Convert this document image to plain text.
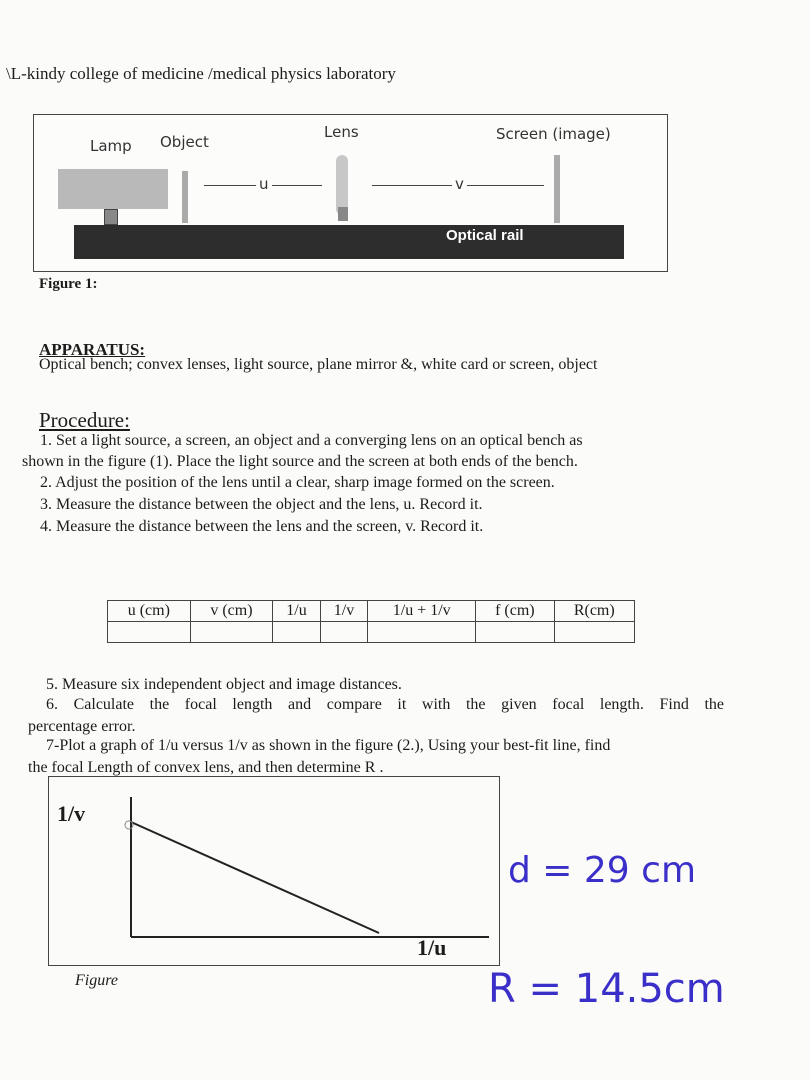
\L-kindy college of medicine /medical physics laboratory
Lamp Object
Lens	Screen (image)
u	v
Optical rail
Figure 1:
APPARATUS:
Optical bench; convex lenses, light source, plane mirror &, white card or screen, object
Procedure:
1. Set a light source, a screen, an object and a converging lens on an optical bench as
shown in the figure (1). Place the light source and the screen at both ends of the bench.
2. Adjust the position of the lens until a clear, sharp image formed on the screen.
3. Measure the distance between the object and the lens, u. Record it.
4. Measure the distance between the lens and the screen, v. Record it.
u (cm)	v (cm)	1/u	1/v	1/u + 1/v	f (cm)	R(cm)

5. Measure six independent object and image distances.
6. Calculate the focal length and compare it with the given focal length. Find the
percentage error.
7-Plot a graph of 1/u versus 1/v as shown in the figure (2.), Using your best-fit line, find
the focal Length of convex lens, and then determine R .
1/v
1/u
Figure
d = 29 cm
R = 14.5cm
